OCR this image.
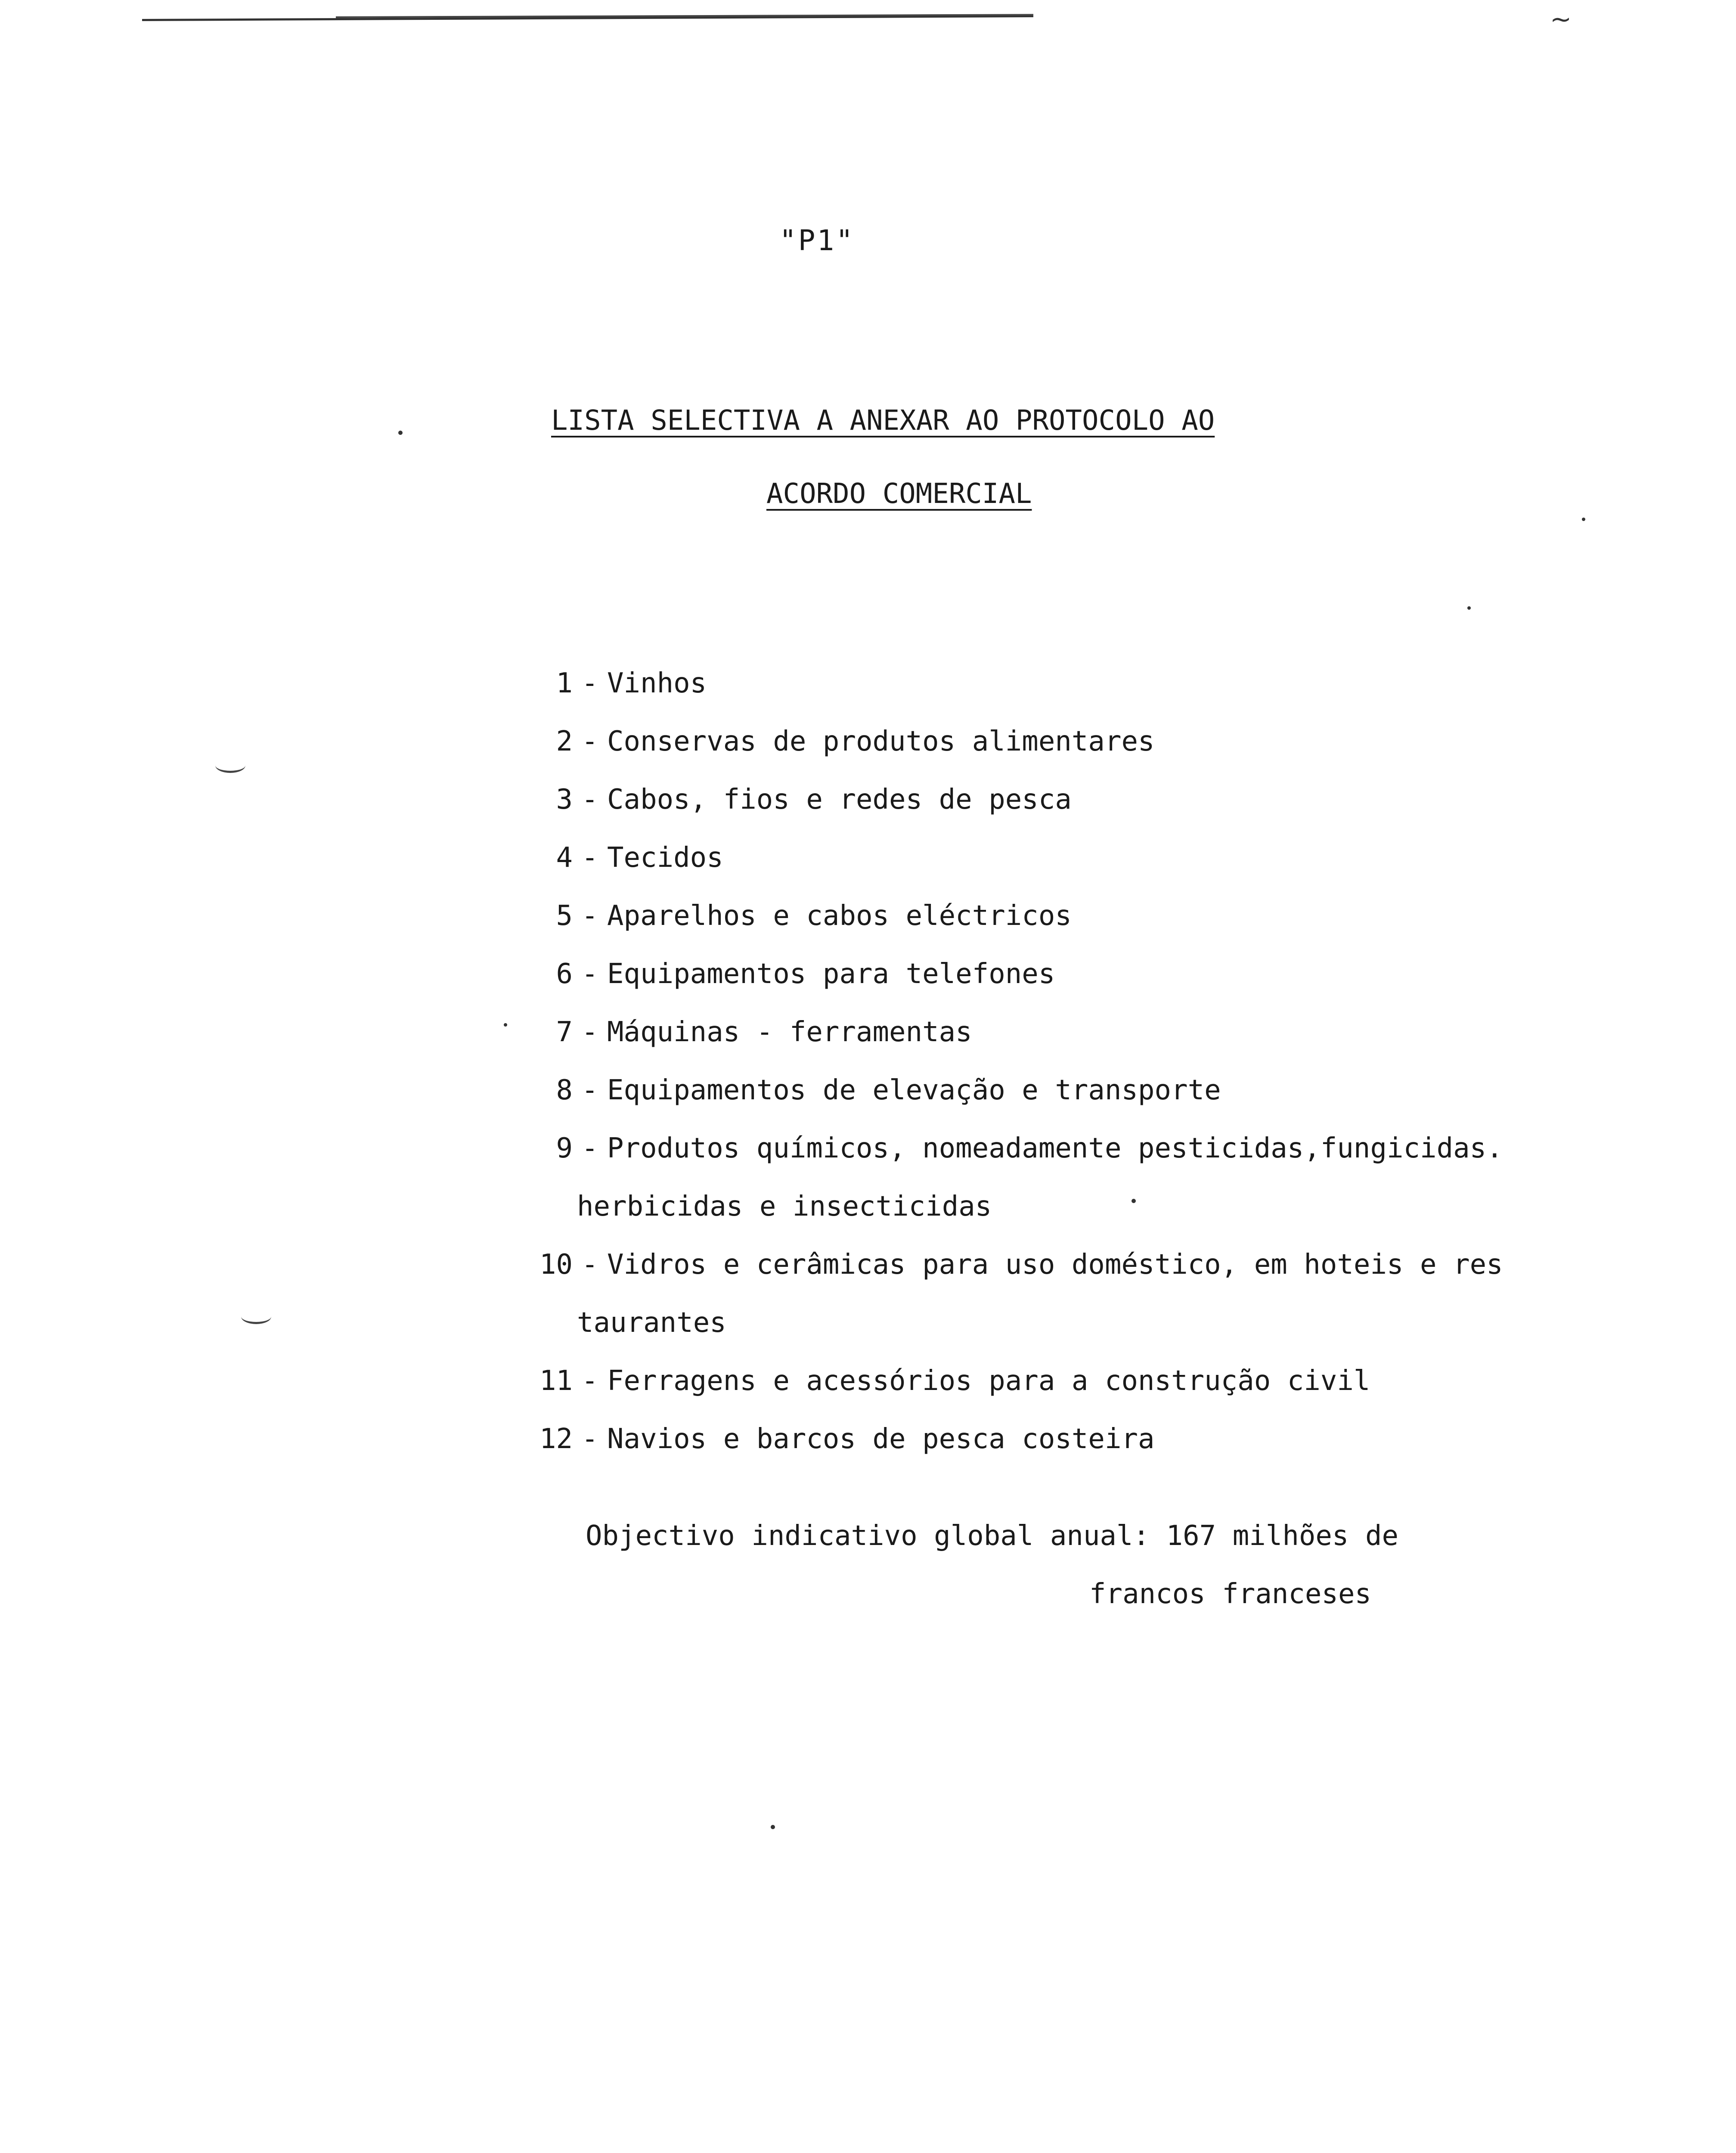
~
"P1"
LISTA SELECTIVA A ANEXAR AO PROTOCOLO AO
ACORDO COMERCIAL
1 - Vinhos
2 - Conservas de produtos alimentares
3 - Cabos, fios e redes de pesca
4 - Tecidos
5 - Aparelhos e cabos eléctricos
6 - Equipamentos para telefones
7 - Máquinas - ferramentas
8 - Equipamentos de elevação e transporte
9 - Produtos químicos, nomeadamente pesticidas,fungicidas.
herbicidas e insecticidas
10 - Vidros e cerâmicas para uso doméstico, em hoteis e res
taurantes
11 - Ferragens e acessórios para a construção civil
12 - Navios e barcos de pesca costeira
Objectivo indicativo global anual: 167 milhões de
francos franceses
